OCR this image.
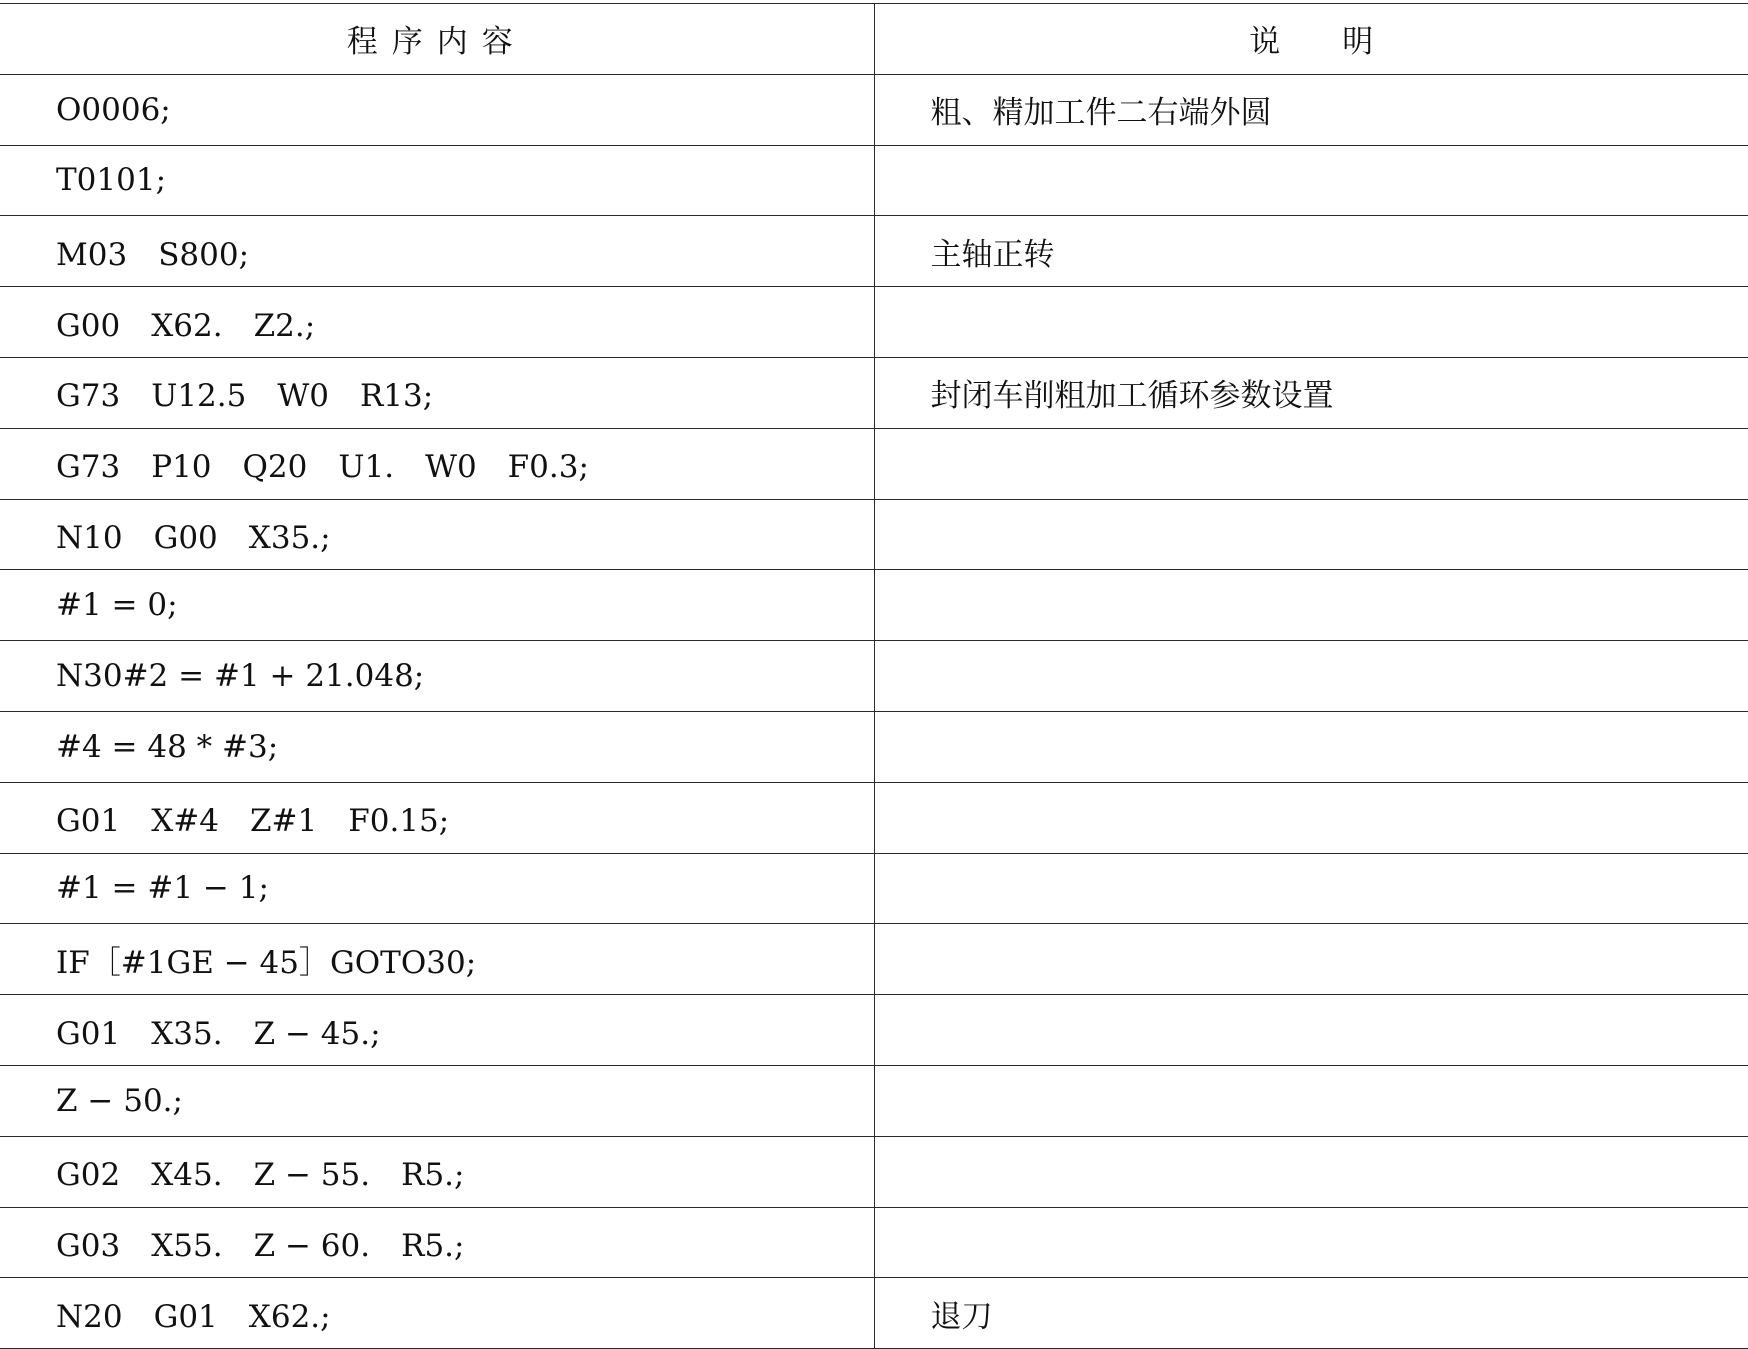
程序内容	说　　明
O0006;	粗、精加工件二右端外圆
T0101;	
M03　S800;	主轴正转
G00　X62.　Z2.;	
G73　U12.5　W0　R13;	封闭车削粗加工循环参数设置
G73　P10　Q20　U1.　W0　F0.3;	
N10　G00　X35.;	
#1 = 0;	
N30#2 = #1 + 21.048;	
#4 = 48 * #3;	
G01　X#4　Z#1　F0.15;	
#1 = #1 − 1;	
IF［#1GE − 45］GOTO30;	
G01　X35.　Z − 45.;	
Z − 50.;	
G02　X45.　Z − 55.　R5.;	
G03　X55.　Z − 60.　R5.;	
N20　G01　X62.;	退刀
